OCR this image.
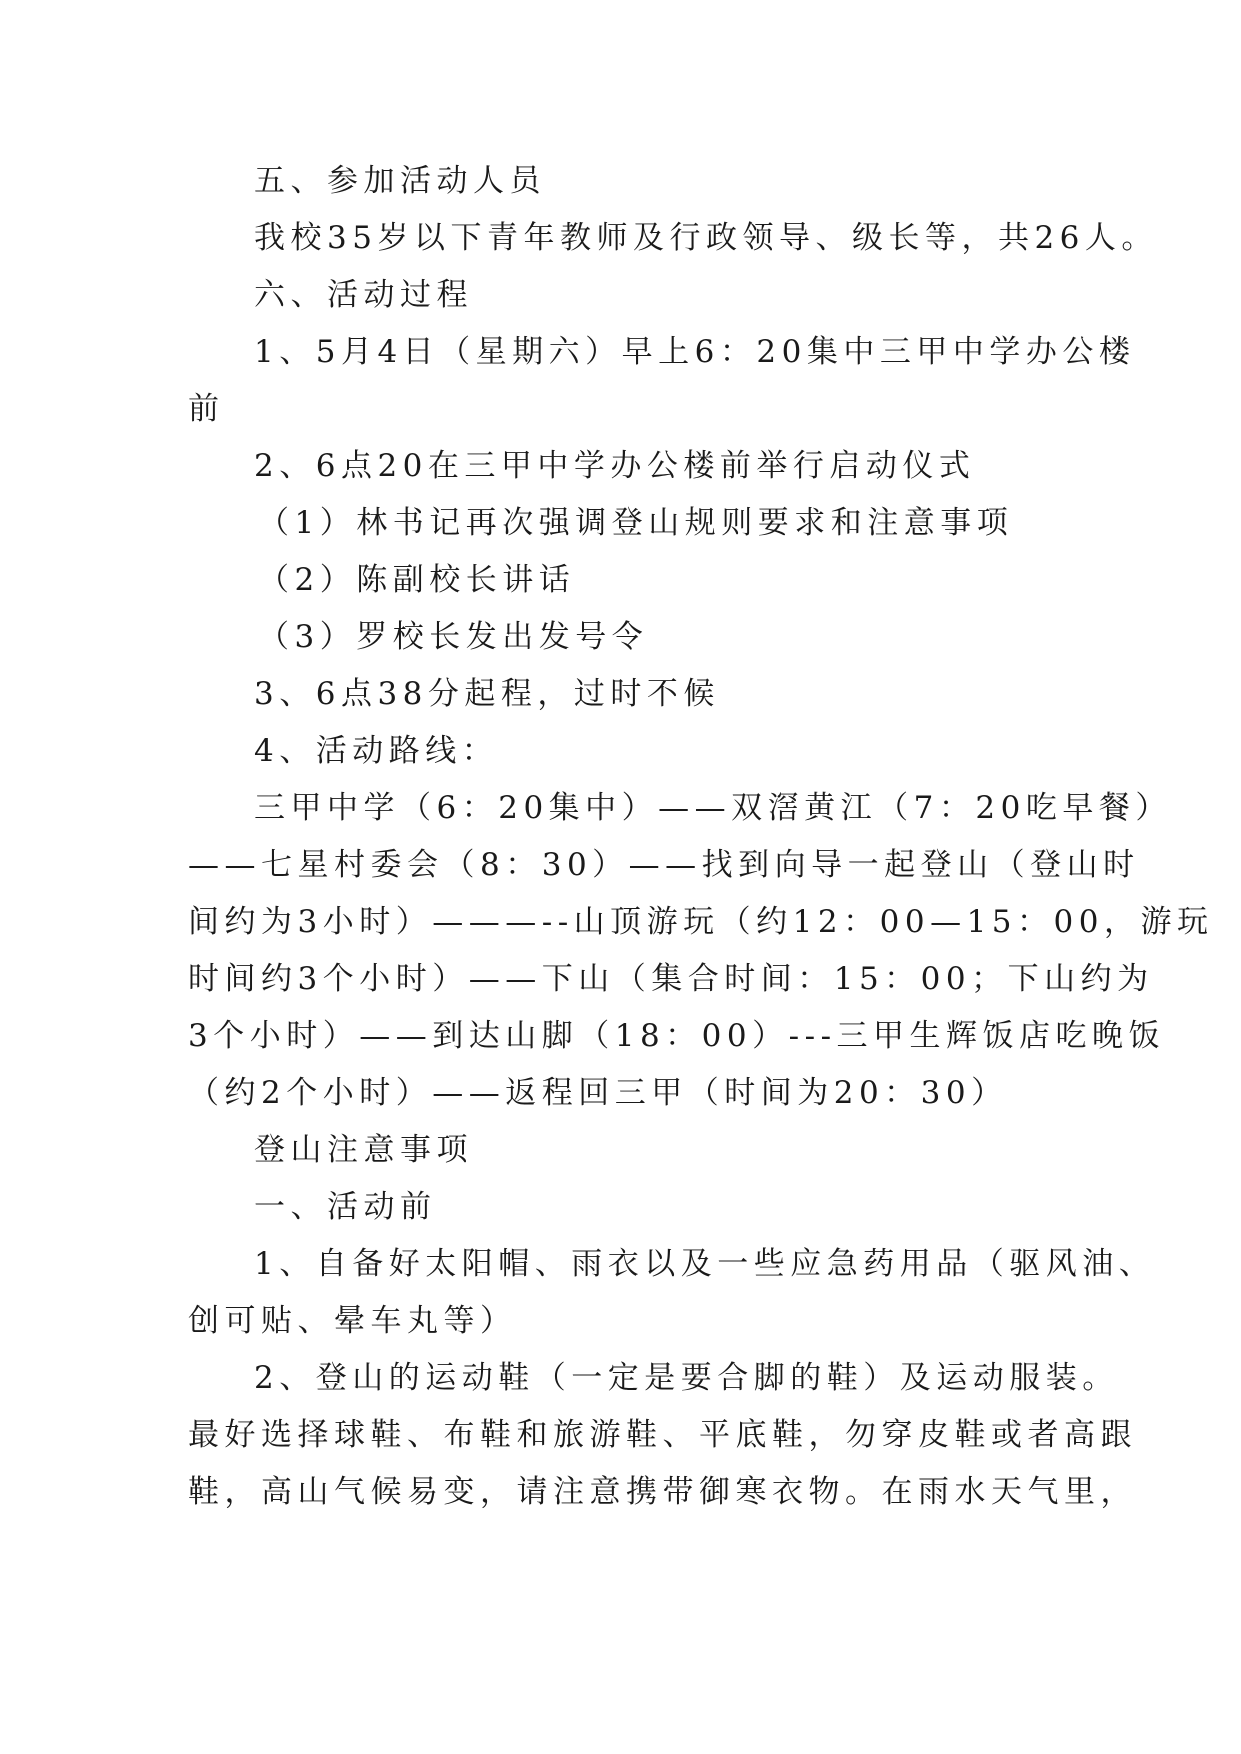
五、参加活动人员
我校35岁以下青年教师及行政领导、级长等，共26人。
六、活动过程
1、5月4日（星期六）早上6：20集中三甲中学办公楼
前
2、6点20在三甲中学办公楼前举行启动仪式
（1）林书记再次强调登山规则要求和注意事项
（2）陈副校长讲话
（3）罗校长发出发号令
3、6点38分起程，过时不候
4、活动路线：
三甲中学（6：20集中）——双滘黄江（7：20吃早餐）
——七星村委会（8：30）——找到向导一起登山（登山时
间约为3小时）———--山顶游玩（约12：00—15：00，游玩
时间约3个小时）——下山（集合时间：15：00；下山约为
3个小时）——到达山脚（18：00）---三甲生辉饭店吃晚饭
（约2个小时）——返程回三甲（时间为20：30）
登山注意事项
一、活动前
1、自备好太阳帽、雨衣以及一些应急药用品（驱风油、
创可贴、晕车丸等）
2、登山的运动鞋（一定是要合脚的鞋）及运动服装。
最好选择球鞋、布鞋和旅游鞋、平底鞋，勿穿皮鞋或者高跟
鞋，高山气候易变，请注意携带御寒衣物。在雨水天气里，
